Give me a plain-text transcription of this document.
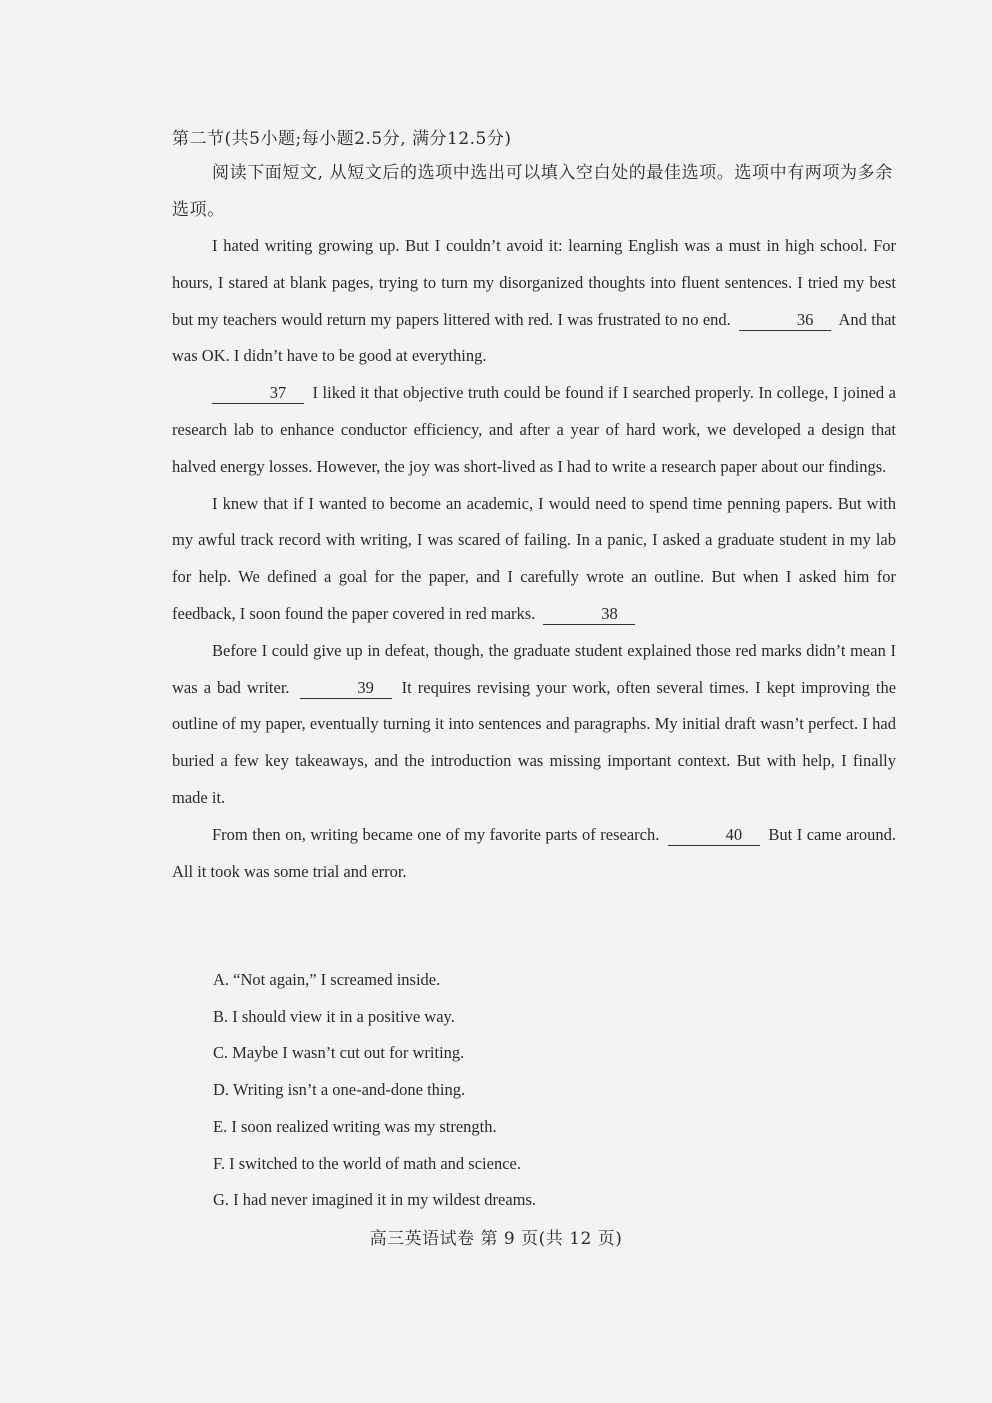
第二节(共5小题;每小题2.5分, 满分12.5分)
阅读下面短文, 从短文后的选项中选出可以填入空白处的最佳选项。选项中有两项为多余选项。

I hated writing growing up. But I couldn’t avoid it: learning English was a must in high school. For hours, I stared at blank pages, trying to turn my disorganized thoughts into fluent sentences. I tried my best but my teachers would return my papers littered with red. I was frustrated to no end.	36 And that was OK. I didn’t have to be good at everything.

37 I liked it that objective truth could be found if I searched properly. In college, I joined a research lab to enhance conductor efficiency, and after a year of hard work, we developed a design that halved energy losses. However, the joy was short-lived as I had to write a research paper about our findings.

I knew that if I wanted to become an academic, I would need to spend time penning papers. But with my awful track record with writing, I was scared of failing. In a panic, I asked a graduate student in my lab for help. We defined a goal for the paper, and I carefully wrote an outline. But when I asked him for feedback, I soon found the paper covered in red marks.	38

Before I could give up in defeat, though, the graduate student explained those red marks didn’t mean I was a bad writer.	39 It requires revising your work, often several times. I kept improving the outline of my paper, eventually turning it into sentences and paragraphs. My initial draft wasn’t perfect. I had buried a few key takeaways, and the introduction was missing important context. But with help, I finally made it.

From then on, writing became one of my favorite parts of research.	40 But I came around. All it took was some trial and error.

A. “Not again,” I screamed inside.
B. I should view it in a positive way.
C. Maybe I wasn’t cut out for writing.
D. Writing isn’t a one-and-done thing.
E. I soon realized writing was my strength.
F. I switched to the world of math and science.
G. I had never imagined it in my wildest dreams.
高三英语试卷 第 9 页(共 12 页)
